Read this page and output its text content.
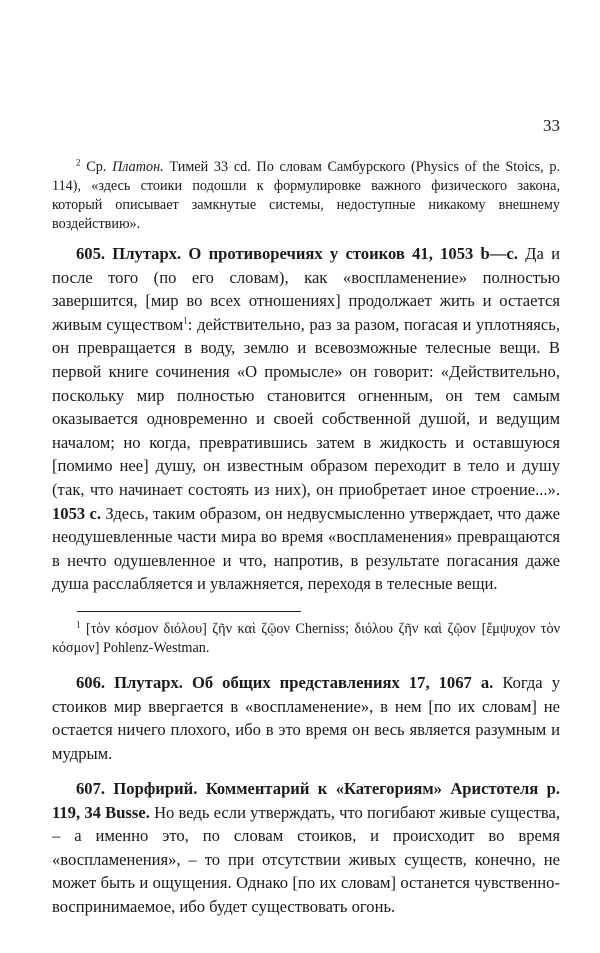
33

$^2$ Ср. Платон. Тимей 33 cd. По словам Самбурского (Physics of the Stoics, p. 114), «здесь стоики подошли к формулировке важного физического закона, который описывает замкнутые системы, недоступные никакому внешнему воздействию».

605. Плутарх. О противоречиях у стоиков 41, 1053 b—c. Да и после того (по его словам), как «воспламенение» полностью завершится, [мир во всех отношениях] продолжает жить и остается живым существом$^1$: действительно, раз за разом, погасая и уплотняясь, он превращается в воду, землю и всевозможные телесные вещи. В первой книге сочинения «О промысле» он говорит: «Действительно, поскольку мир полностью становится огненным, он тем самым оказывается одновременно и своей собственной душой, и ведущим началом; но когда, превратившись затем в жидкость и оставшуюся [помимо нее] душу, он известным образом переходит в тело и душу (так, что начинает состоять из них), он приобретает иное строение...». 1053 c. Здесь, таким образом, он недвусмысленно утверждает, что даже неодушевленные части мира во время «воспламенения» превращаются в нечто одушевленное и что, напротив, в результате погасания даже душа расслабляется и увлажняется, переходя в телесные вещи.

$^1$ [τὸν κόσμον διόλου] ζῆν καὶ ζῷον Cherniss; διόλου ζῆν καὶ ζῷον [ἔμψυχον τὸν κόσμον] Pohlenz-Westman.

606. Плутарх. Об общих представлениях 17, 1067 a. Когда у стоиков мир ввергается в «воспламенение», в нем [по их словам] не остается ничего плохого, ибо в это время он весь является разумным и мудрым.

607. Порфирий. Комментарий к «Категориям» Аристотеля p. 119, 34 Busse. Но ведь если утверждать, что погибают живые существа, – а именно это, по словам стоиков, и происходит во время «воспламенения», – то при отсутствии живых существ, конечно, не может быть и ощущения. Однако [по их словам] останется чувственно-воспринимаемое, ибо будет существовать огонь.
